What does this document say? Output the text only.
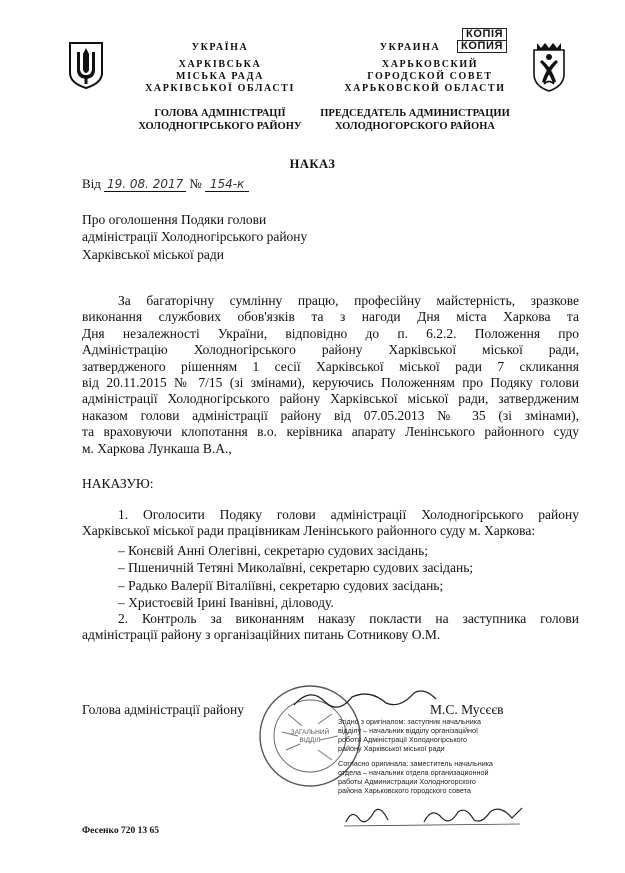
УКРАЇНА
ХАРКІВСЬКА
МІСЬКА РАДА
ХАРКІВСЬКОЇ ОБЛАСТІ
ГОЛОВА АДМІНІСТРАЦІЇ
ХОЛОДНОГІРСЬКОГО РАЙОНУ
УКРАИНА
ХАРЬКОВСКИЙ
ГОРОДСКОЙ СОВЕТ
ХАРЬКОВСКОЙ ОБЛАСТИ
ПРЕДСЕДАТЕЛЬ АДМИНИСТРАЦИИ
ХОЛОДНОГОРСКОГО РАЙОНА
КОПІЯ
КОПИЯ
НАКАЗ
Від 19. 08. 2017 № 154-к
Про оголошення Подяки голови
адміністрації Холодногірського району
Харківської міської ради
За багаторічну сумлінну працю, професійну майстерність, зразкове
виконання службових обов'язків та з нагоди Дня міста Харкова та
Дня незалежності України, відповідно до п. 6.2.2. Положення про
Адміністрацію Холодногірського району Харківської міської ради,
затвердженого рішенням 1 сесії Харківської міської ради 7 скликання
від 20.11.2015 № 7/15 (зі змінами), керуючись Положенням про Подяку голови
адміністрації Холодногірського району Харківської міської ради, затвердженим
наказом голови адміністрації району від 07.05.2013 № 35 (зі змінами),
та враховуючи клопотання в.о. керівника апарату Ленінського районного суду
м. Харкова Лункаша В.А.,
НАКАЗУЮ:
1. Оголосити Подяку голови адміністрації Холодногірського району
Харківської міської ради працівникам Ленінського районного суду м. Харкова:
– Конєвій Анні Олегівні, секретарю судових засідань;
– Пшеничній Тетяні Миколаївні, секретарю судових засідань;
– Радько Валерії Віталіївні, секретарю судових засідань;
– Христоєвій Ірині Іванівні, діловоду.
2. Контроль за виконанням наказу покласти на заступника голови
адміністрації району з організаційних питань Сотникову О.М.
Голова адміністрації району	М.С. Мусєєв
ЗАГАЛЬНИЙ
ВІДДІЛ
Згідно з оригіналом: заступник начальника
відділу – начальник відділу організаційної
роботи Адміністрації Холодногірського
району Харківської міської ради
Согласно оригинала: заместитель начальника
отдела – начальник отдела организационной
работы Администрации Холодногорского
района Харьковского городского совета
Фесенко 720 13 65
